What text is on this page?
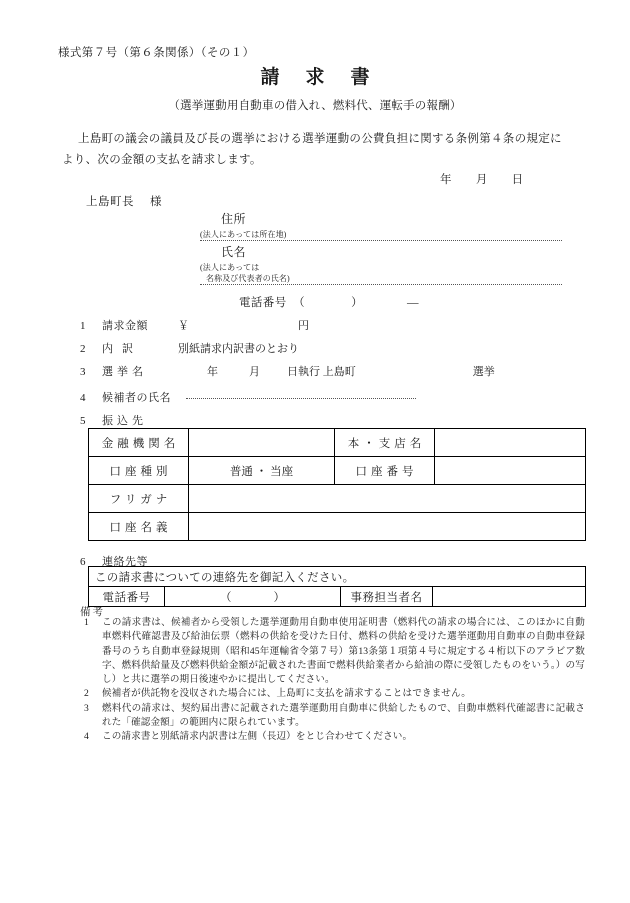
様式第７号（第６条関係）（その１）
請求書
（選挙運動用自動車の借入れ、燃料代、運転手の報酬）
上島町の議会の議員及び長の選挙における選挙運動の公費負担に関する条例第４条の規定により、次の金額の支払を請求します。
年 月 日
上島町長 様
住所
(法人にあっては所在地)
氏名
(法人にあっては
名称及び代表者の氏名)
電話番号 （	）	―
1 請求金額	￥	円
2 内訳	別紙請求内訳書のとおり
3 選挙名	年	月 日執行 上島町	選挙
4 候補者の氏名
5 振込先
金融機関名		本・支店名	
口座種別	普通 ・ 当座	口座番号	
フリガナ			
口座名義			
6 連絡先等
この請求書についての連絡先を御記入ください。
電話番号	（	）	事務担当者名	
備考
1 この請求書は、候補者から受領した選挙運動用自動車使用証明書（燃料代の請求の場合には、このほかに自動車燃料代確認書及び給油伝票（燃料の供給を受けた日付、燃料の供給を受けた選挙運動用自動車の自動車登録番号のうち自動車登録規則（昭和45年運輸省令第７号）第13条第１項第４号に規定する４桁以下のアラビア数字、燃料供給量及び燃料供給金額が記載された書面で燃料供給業者から給油の際に受領したものをいう。）の写し）と共に選挙の期日後速やかに提出してください。
2 候補者が供託物を没収された場合には、上島町に支払を請求することはできません。
3 燃料代の請求は、契約届出書に記載された選挙運動用自動車に供給したもので、自動車燃料代確認書に記載された「確認金額」の範囲内に限られています。
4 この請求書と別紙請求内訳書は左側（長辺）をとじ合わせてください。
